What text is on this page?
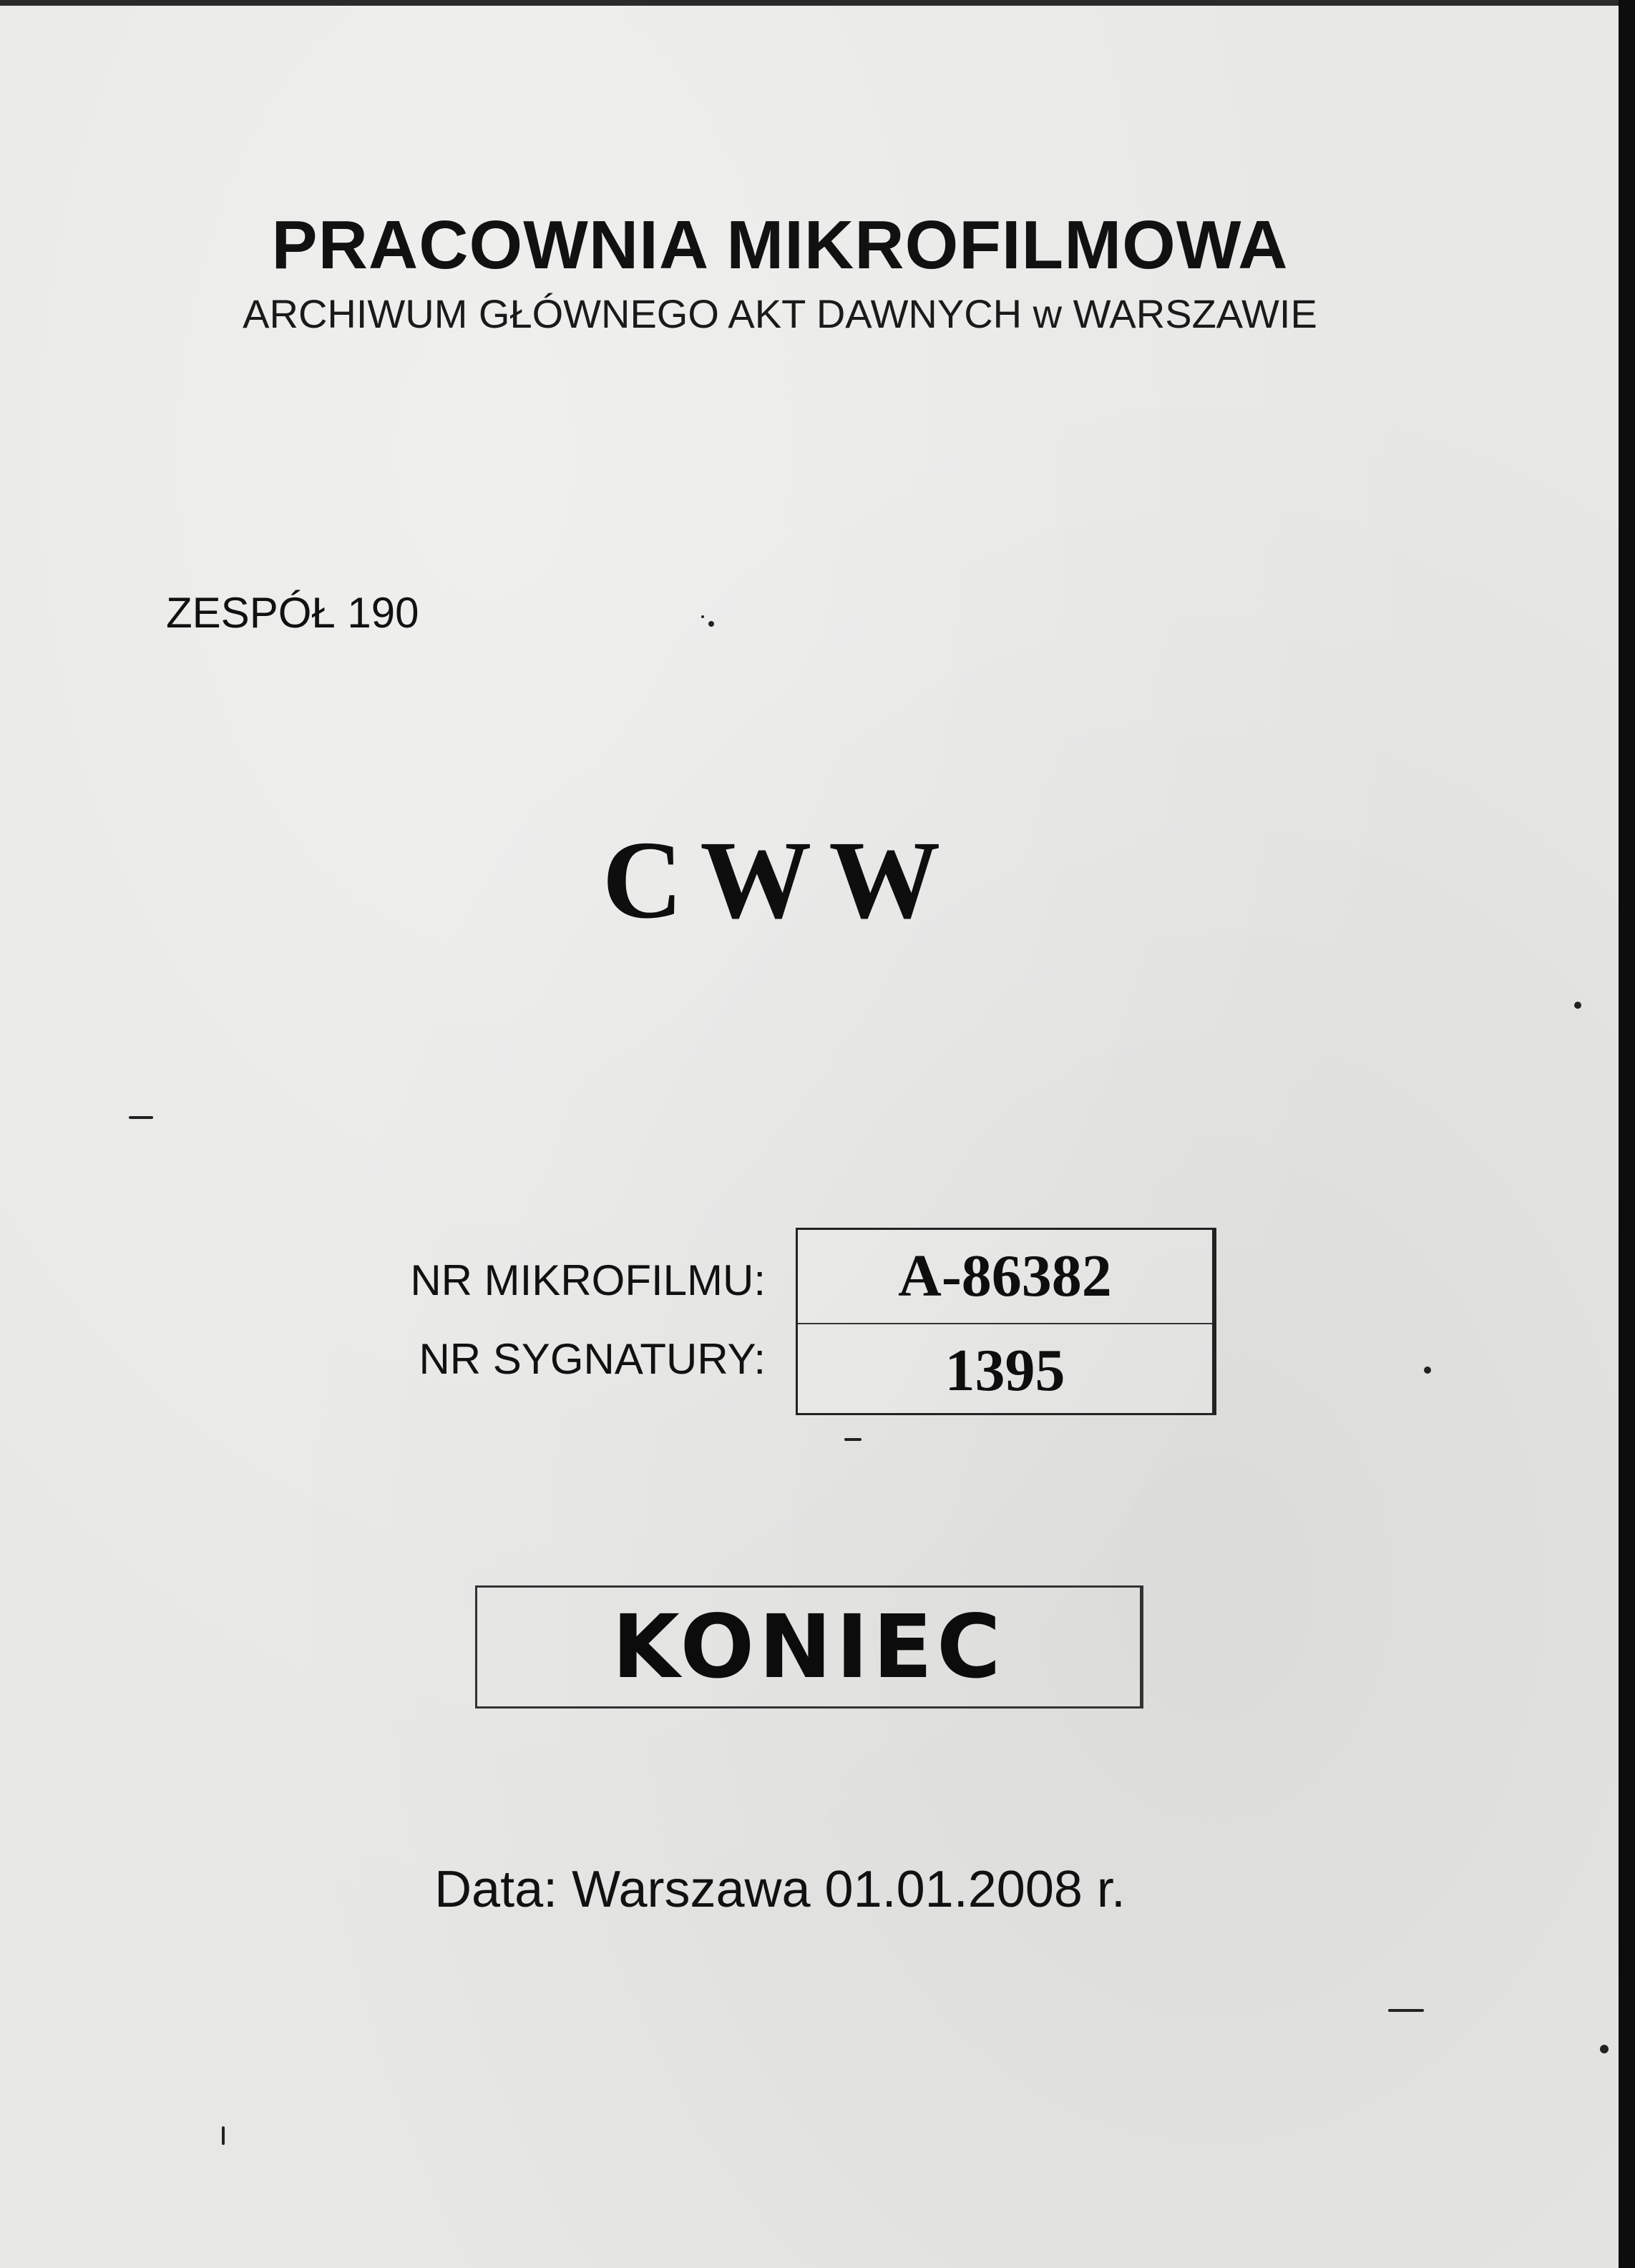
PRACOWNIA MIKROFILMOWA
ARCHIWUM GŁÓWNEGO AKT DAWNYCH w WARSZAWIE
ZESPÓŁ 190
CWW
NR MIKROFILMU:
NR SYGNATURY:
A-86382
1395
KONIEC
Data: Warszawa 01.01.2008 r.
